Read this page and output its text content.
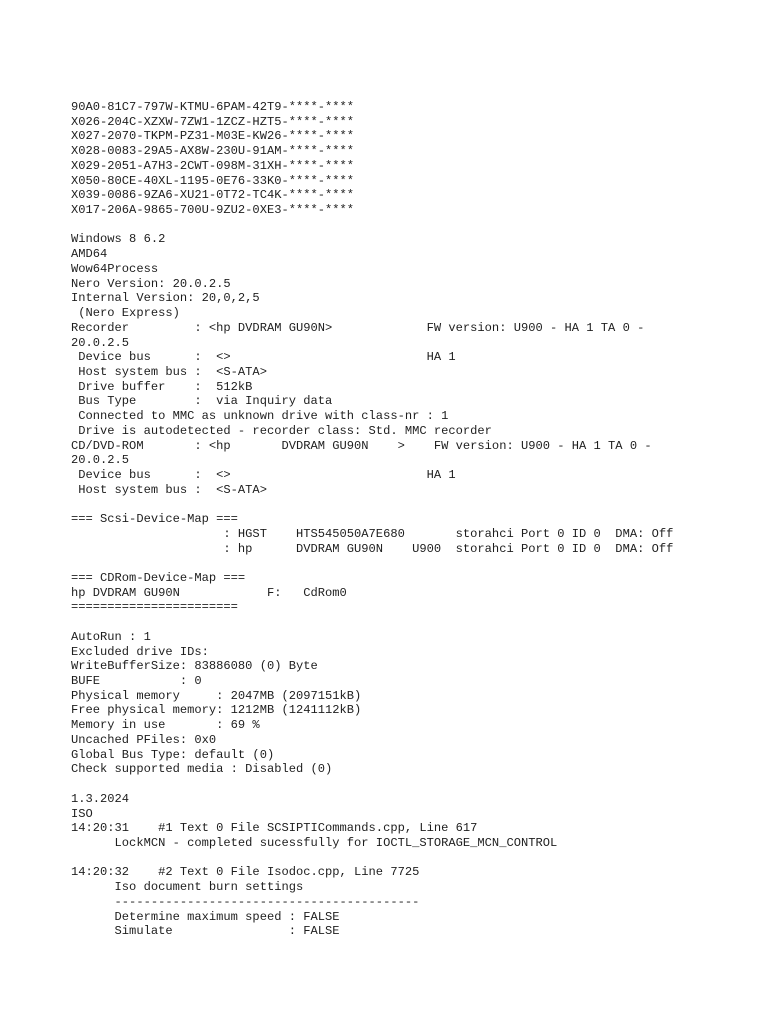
90A0-81C7-797W-KTMU-6PAM-42T9-****-****
X026-204C-XZXW-7ZW1-1ZCZ-HZT5-****-****
X027-2070-TKPM-PZ31-M03E-KW26-****-****
X028-0083-29A5-AX8W-230U-91AM-****-****
X029-2051-A7H3-2CWT-098M-31XH-****-****
X050-80CE-40XL-1195-0E76-33K0-****-****
X039-0086-9ZA6-XU21-0T72-TC4K-****-****
X017-206A-9865-700U-9ZU2-0XE3-****-****
Windows 8 6.2
AMD64
Wow64Process
Nero Version: 20.0.2.5
Internal Version: 20,0,2,5
(Nero Express)
Recorder         : <hp DVDRAM GU90N>             FW version: U900 - HA 1 TA 0 -
20.0.2.5
Device bus      :  <>                           HA 1
Host system bus :  <S-ATA>
Drive buffer    :  512kB
Bus Type        :  via Inquiry data
Connected to MMC as unknown drive with class-nr : 1
Drive is autodetected - recorder class: Std. MMC recorder
CD/DVD-ROM       : <hp       DVDRAM GU90N    >    FW version: U900 - HA 1 TA 0 -
20.0.2.5
Device bus      :  <>                           HA 1
Host system bus :  <S-ATA>
=== Scsi-Device-Map ===
: HGST    HTS545050A7E680       storahci Port 0 ID 0  DMA: Off
: hp      DVDRAM GU90N    U900  storahci Port 0 ID 0  DMA: Off
=== CDRom-Device-Map ===
hp DVDRAM GU90N            F:   CdRom0
=======================
AutoRun : 1
Excluded drive IDs:
WriteBufferSize: 83886080 (0) Byte
BUFE           : 0
Physical memory     : 2047MB (2097151kB)
Free physical memory: 1212MB (1241112kB)
Memory in use       : 69 %
Uncached PFiles: 0x0
Global Bus Type: default (0)
Check supported media : Disabled (0)
1.3.2024
ISO
14:20:31    #1 Text 0 File SCSIPTICommands.cpp, Line 617
LockMCN - completed sucessfully for IOCTL_STORAGE_MCN_CONTROL
14:20:32    #2 Text 0 File Isodoc.cpp, Line 7725
Iso document burn settings
------------------------------------------
Determine maximum speed : FALSE
Simulate                : FALSE
